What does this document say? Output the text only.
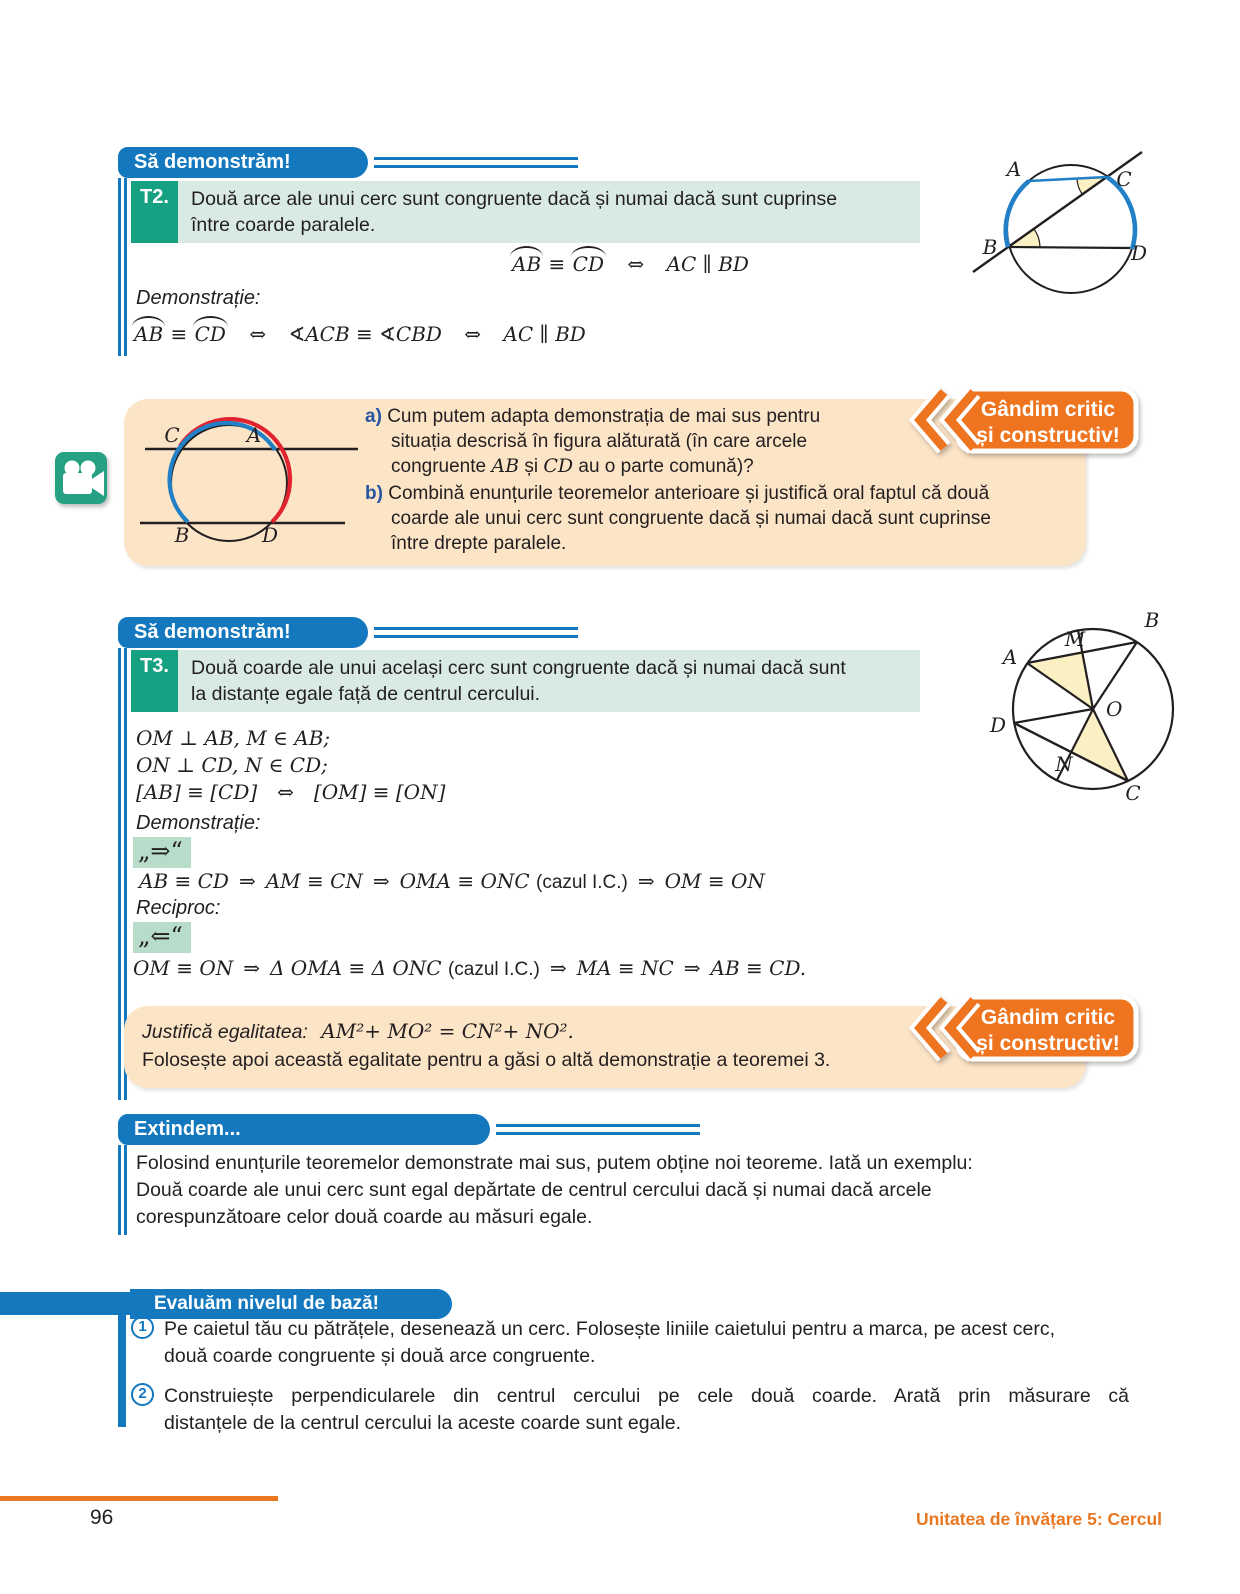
Să demonstrăm!
T2.	Două arce ale unui cerc sunt congruente dacă și numai dacă sunt cuprinse
între coarde paralele.
AB ≡ CD ⇔ AC ∥ BD
Demonstrație:
AB ≡ CD ⇔ ∢ACB ≡ ∢CBD ⇔ AC ∥ BD
A	C
B	D
C	A
B	D
a) Cum putem adapta demonstrația de mai sus pentru
situația descrisă în figura alăturată (în care arcele
congruente AB și CD au o parte comună)?
b) Combină enunțurile teoremelor anterioare și justifică oral faptul că două
coarde ale unui cerc sunt congruente dacă și numai dacă sunt cuprinse
între drepte paralele.
Gândim critic
și constructiv!
Să demonstrăm!
T3.	Două coarde ale unui același cerc sunt congruente dacă și numai dacă sunt
la distanțe egale față de centrul cercului.
OM ⊥ AB, M ∈ AB;
ON ⊥ CD, N ∈ CD;
[AB] ≡ [CD]  ⇔  [OM] ≡ [ON]
Demonstrație:
„⇒“
AB ≡ CD ⇒ AM ≡ CN ⇒ OMA ≡ ONC (cazul I.C.) ⇒ OM ≡ ON
Reciproc:
„⇐“
OM ≡ ON ⇒ Δ OMA ≡ Δ ONC (cazul I.C.) ⇒ MA ≡ NC ⇒ AB ≡ CD.
B
M
A
O
D
N
C
Justifică egalitatea: AM²+ MO² = CN²+ NO².
Folosește apoi această egalitate pentru a găsi o altă demonstrație a teoremei 3.
Gândim critic
și constructiv!
Extindem...
Folosind enunțurile teoremelor demonstrate mai sus, putem obține noi teoreme. Iată un exemplu:
Două coarde ale unui cerc sunt egal depărtate de centrul cercului dacă și numai dacă arcele
corespunzătoare celor două coarde au măsuri egale.
Evaluăm nivelul de bază!
1 Pe caietul tău cu pătrățele, desenează un cerc. Folosește liniile caietului pentru a marca, pe acest cerc,
două coarde congruente și două arce congruente.
2 Construiește perpendicularele din centrul cercului pe cele două coarde. Arată prin măsurare că
distanțele de la centrul cercului la aceste coarde sunt egale.
96	Unitatea de învățare 5: Cercul
